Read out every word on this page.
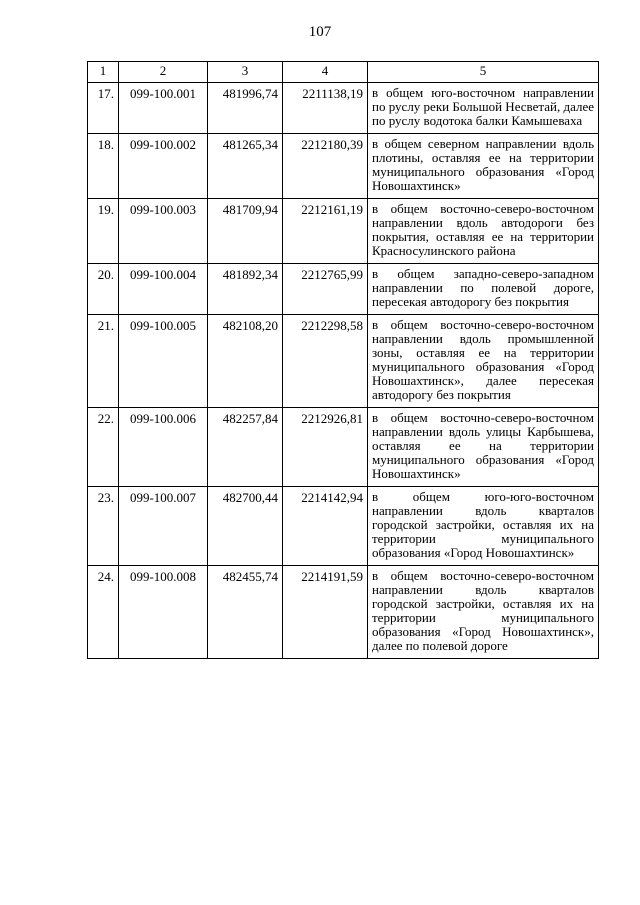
107
1	2	3	4	5
17.	099-100.001	481996,74	2211138,19	в общем юго-восточном направлении по руслу реки Большой Несветай, далее по руслу водотока балки Камышеваха
18.	099-100.002	481265,34	2212180,39	в общем северном направлении вдоль плотины, оставляя ее на территории муниципального образования «Город Новошахтинск»
19.	099-100.003	481709,94	2212161,19	в общем восточно-северо-восточном направлении вдоль автодороги без покрытия, оставляя ее на территории Красносулинского района
20.	099-100.004	481892,34	2212765,99	в общем западно-северо-западном направлении по полевой дороге, пересекая автодорогу без покрытия
21.	099-100.005	482108,20	2212298,58	в общем восточно-северо-восточном направлении вдоль промышленной зоны, оставляя ее на территории муниципального образования «Город Новошахтинск», далее пересекая автодорогу без покрытия
22.	099-100.006	482257,84	2212926,81	в общем восточно-северо-восточном направлении вдоль улицы Карбышева, оставляя ее на территории муниципального образования «Город Новошахтинск»
23.	099-100.007	482700,44	2214142,94	в общем юго-юго-восточном направлении вдоль кварталов городской застройки, оставляя их на территории муниципального образования «Город Новошахтинск»
24.	099-100.008	482455,74	2214191,59	в общем восточно-северо-восточном направлении вдоль кварталов городской застройки, оставляя их на территории муниципального образования «Город Новошахтинск», далее по полевой дороге
